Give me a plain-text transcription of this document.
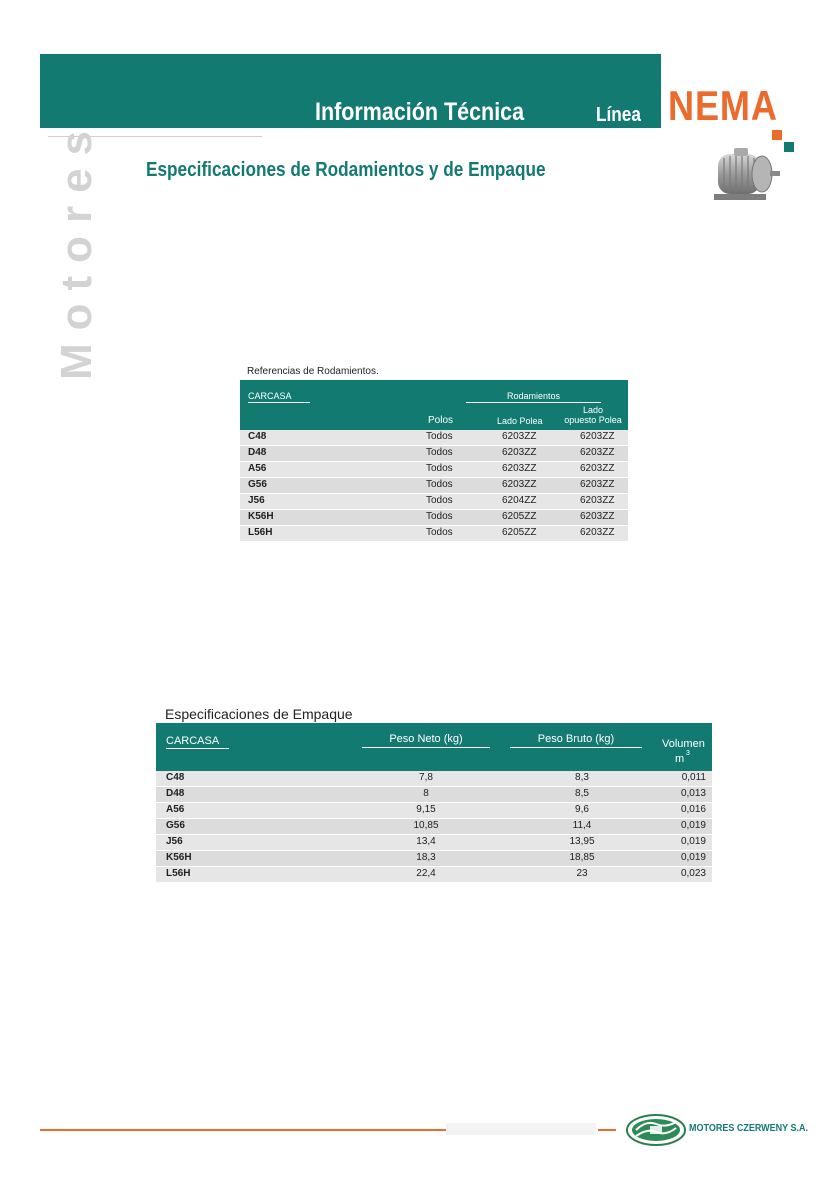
Información Técnica	Línea NEMA
Motores Especificaciones de Rodamientos y de Empaque
Referencias de Rodamientos.
CARCASA	Rodamientos
Polos	Lado Polea
Lado
opuesto Polea
C48	Todos	6203ZZ	6203ZZ
D48	Todos	6203ZZ	6203ZZ
A56	Todos	6203ZZ	6203ZZ
G56	Todos	6203ZZ	6203ZZ
J56	Todos	6204ZZ	6203ZZ
K56H	Todos	6205ZZ	6203ZZ
L56H	Todos	6205ZZ	6203ZZ
Especificaciones de Empaque
CARCASA	Peso Neto (kg)	Peso Bruto (kg)	Volumen
m 3
C48	7,8	8,3	0,011
D48	8	8,5	0,013
A56	9,15	9,6	0,016
G56	10,85	11,4	0,019
J56	13,4	13,95	0,019
K56H	18,3	18,85	0,019
L56H	22,4	23	0,023
MOTORES CZERWENY S.A.
